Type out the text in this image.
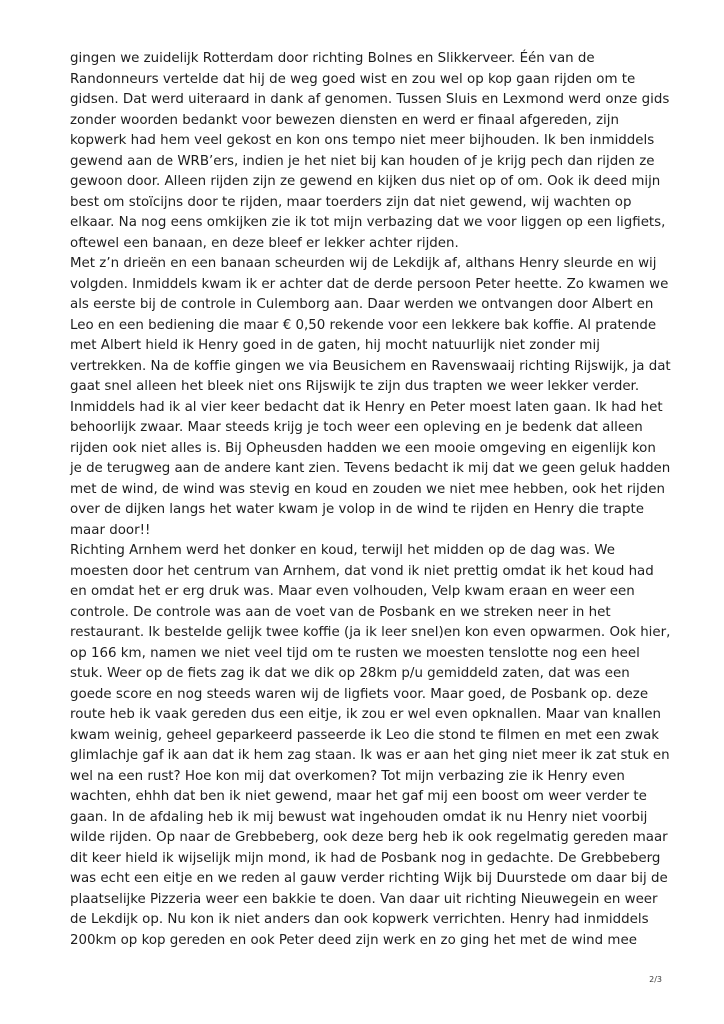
gingen we zuidelijk Rotterdam door richting Bolnes en Slikkerveer. Één van de
Randonneurs vertelde dat hij de weg goed wist en zou wel op kop gaan rijden om te
gidsen. Dat werd uiteraard in dank af genomen. Tussen Sluis en Lexmond werd onze gids
zonder woorden bedankt voor bewezen diensten en werd er finaal afgereden, zijn
kopwerk had hem veel gekost en kon ons tempo niet meer bijhouden. Ik ben inmiddels
gewend aan de WRB’ers, indien je het niet bij kan houden of je krijg pech dan rijden ze
gewoon door. Alleen rijden zijn ze gewend en kijken dus niet op of om. Ook ik deed mijn
best om stoïcijns door te rijden, maar toerders zijn dat niet gewend, wij wachten op
elkaar. Na nog eens omkijken zie ik tot mijn verbazing dat we voor liggen op een ligfiets,
oftewel een banaan, en deze bleef er lekker achter rijden.
Met z’n drieën en een banaan scheurden wij de Lekdijk af, althans Henry sleurde en wij
volgden. Inmiddels kwam ik er achter dat de derde persoon Peter heette. Zo kwamen we
als eerste bij de controle in Culemborg aan. Daar werden we ontvangen door Albert en
Leo en een bediening die maar € 0,50 rekende voor een lekkere bak koffie. Al pratende
met Albert hield ik Henry goed in de gaten, hij mocht natuurlijk niet zonder mij
vertrekken. Na de koffie gingen we via Beusichem en Ravenswaaij richting Rijswijk, ja dat
gaat snel alleen het bleek niet ons Rijswijk te zijn dus trapten we weer lekker verder.
Inmiddels had ik al vier keer bedacht dat ik Henry en Peter moest laten gaan. Ik had het
behoorlijk zwaar. Maar steeds krijg je toch weer een opleving en je bedenk dat alleen
rijden ook niet alles is. Bij Opheusden hadden we een mooie omgeving en eigenlijk kon
je de terugweg aan de andere kant zien. Tevens bedacht ik mij dat we geen geluk hadden
met de wind, de wind was stevig en koud en zouden we niet mee hebben, ook het rijden
over de dijken langs het water kwam je volop in de wind te rijden en Henry die trapte
maar door!!
Richting Arnhem werd het donker en koud, terwijl het midden op de dag was. We
moesten door het centrum van Arnhem, dat vond ik niet prettig omdat ik het koud had
en omdat het er erg druk was. Maar even volhouden, Velp kwam eraan en weer een
controle. De controle was aan de voet van de Posbank en we streken neer in het
restaurant. Ik bestelde gelijk twee koffie (ja ik leer snel)en kon even opwarmen. Ook hier,
op 166 km, namen we niet veel tijd om te rusten we moesten tenslotte nog een heel
stuk. Weer op de fiets zag ik dat we dik op 28km p/u gemiddeld zaten, dat was een
goede score en nog steeds waren wij de ligfiets voor. Maar goed, de Posbank op. deze
route heb ik vaak gereden dus een eitje, ik zou er wel even opknallen. Maar van knallen
kwam weinig, geheel geparkeerd passeerde ik Leo die stond te filmen en met een zwak
glimlachje gaf ik aan dat ik hem zag staan. Ik was er aan het ging niet meer ik zat stuk en
wel na een rust? Hoe kon mij dat overkomen? Tot mijn verbazing zie ik Henry even
wachten, ehhh dat ben ik niet gewend, maar het gaf mij een boost om weer verder te
gaan. In de afdaling heb ik mij bewust wat ingehouden omdat ik nu Henry niet voorbij
wilde rijden. Op naar de Grebbeberg, ook deze berg heb ik ook regelmatig gereden maar
dit keer hield ik wijselijk mijn mond, ik had de Posbank nog in gedachte. De Grebbeberg
was echt een eitje en we reden al gauw verder richting Wijk bij Duurstede om daar bij de
plaatselijke Pizzeria weer een bakkie te doen. Van daar uit richting Nieuwegein en weer
de Lekdijk op. Nu kon ik niet anders dan ook kopwerk verrichten. Henry had inmiddels
200km op kop gereden en ook Peter deed zijn werk en zo ging het met de wind mee
2/3
